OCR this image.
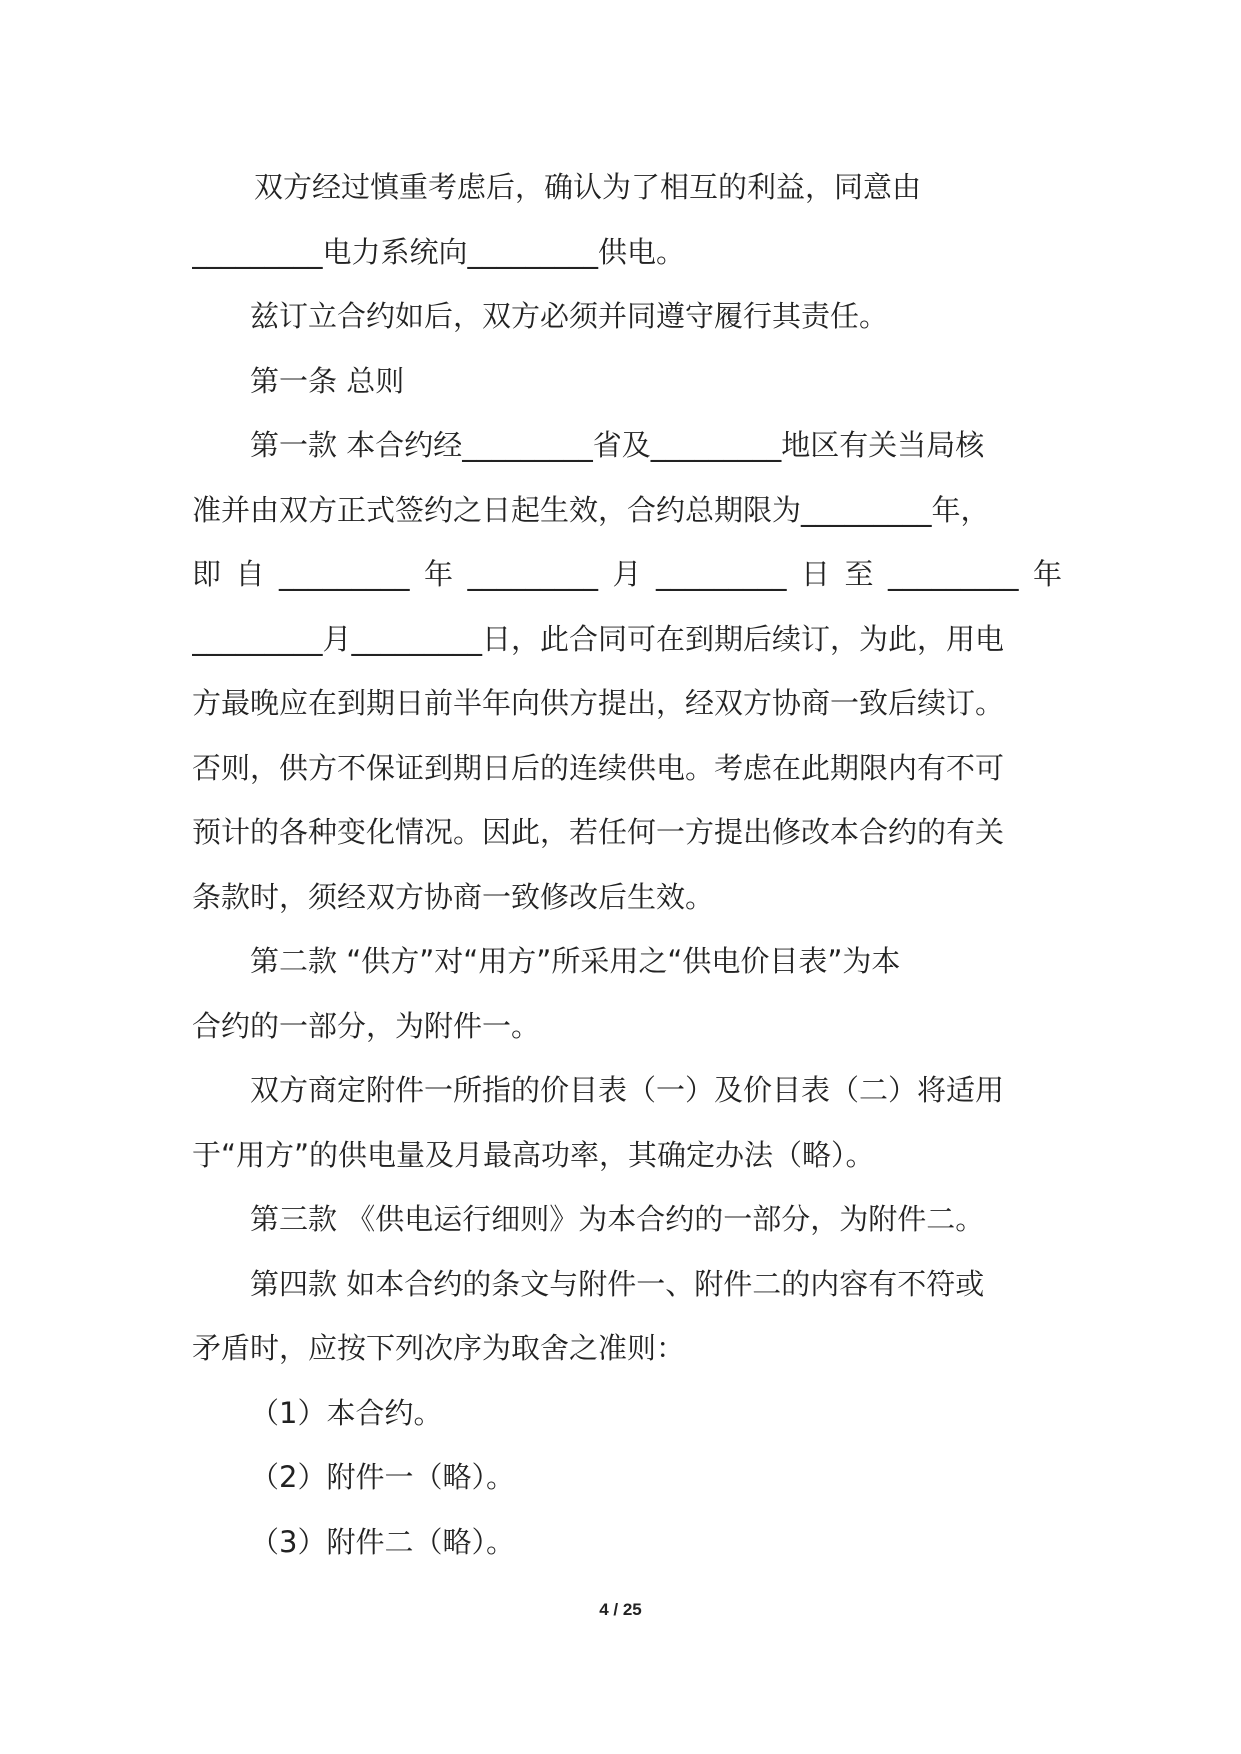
双方经过慎重考虑后，确认为了相互的利益，同意由
_________电力系统向_________供电。
兹订立合约如后，双方必须并同遵守履行其责任。
第一条 总则
第一款 本合约经_________省及_________地区有关当局核
准并由双方正式签约之日起生效，合约总期限为_________年，
即 自 _________ 年 _________ 月 _________ 日 至 _________ 年
_________月_________日，此合同可在到期后续订，为此，用电
方最晚应在到期日前半年向供方提出，经双方协商一致后续订。
否则，供方不保证到期日后的连续供电。考虑在此期限内有不可
预计的各种变化情况。因此，若任何一方提出修改本合约的有关
条款时，须经双方协商一致修改后生效。
第二款 “供方”对“用方”所采用之“供电价目表”为本
合约的一部分，为附件一。
双方商定附件一所指的价目表（一）及价目表（二）将适用
于“用方”的供电量及月最高功率，其确定办法（略）。
第三款 《供电运行细则》为本合约的一部分，为附件二。
第四款 如本合约的条文与附件一、附件二的内容有不符或
矛盾时，应按下列次序为取舍之准则：
（1）本合约。
（2）附件一（略）。
（3）附件二（略）。
4 / 25
